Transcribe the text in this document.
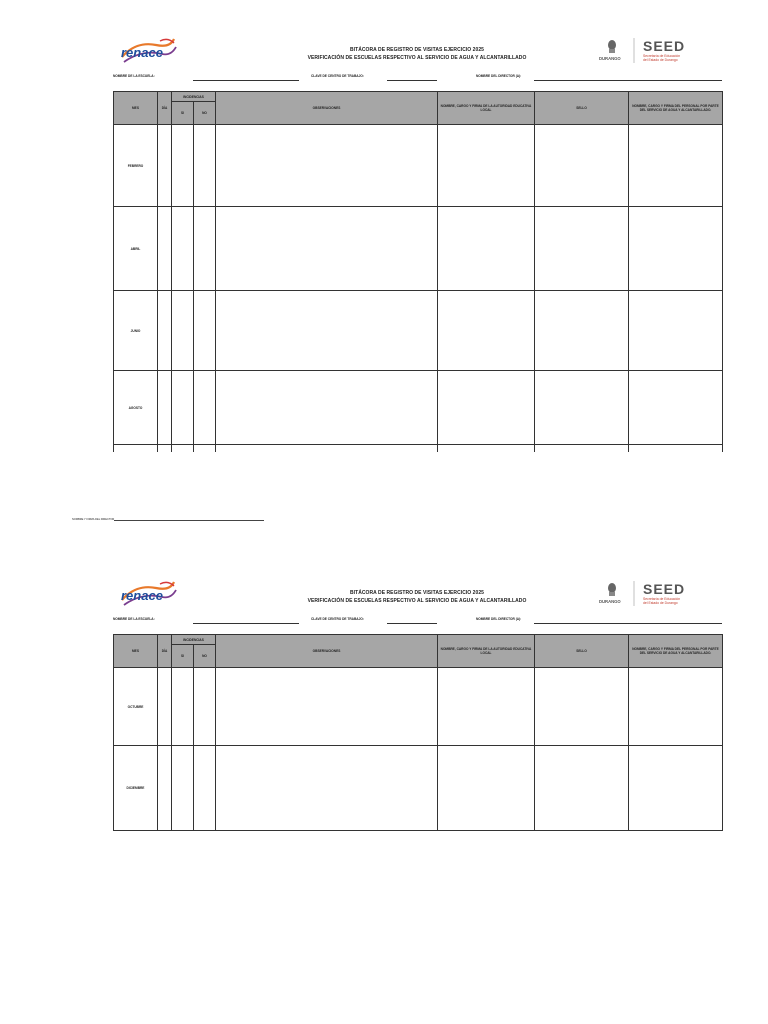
renace	BITÁCORA DE REGISTRO DE VISITAS EJERCICIO 2025
VERIFICACIÓN DE ESCUELAS RESPECTIVO AL SERVICIO DE AGUA Y ALCANTARILLADO	DURANGO
SEED
Secretaría de Educación
del Estado de Durango
NOMBRE DE LA ESCUELA:	CLAVE DE CENTRO DE TRABAJO:	NOMBRE DEL DIRECTOR (A):
MES	DÍA	INCIDENCIAS		OBSERVACIONES	NOMBRE, CARGO Y FIRMA DE LA AUTORIDAD EDUCATIVA LOCAL	SELLO	NOMBRE, CARGO Y FIRMA DEL PERSONAL POR PARTE DEL SERVICIO DE AGUA Y ALCANTARILLADO.
		SI	NO				
FEBRERO							
ABRIL							
JUNIO							
AGOSTO							

NOMBRE Y FIRMA DEL DIRECTOR
renace	BITÁCORA DE REGISTRO DE VISITAS EJERCICIO 2025
VERIFICACIÓN DE ESCUELAS RESPECTIVO AL SERVICIO DE AGUA Y ALCANTARILLADO	DURANGO
SEED
Secretaría de Educación
del Estado de Durango
NOMBRE DE LA ESCUELA:	CLAVE DE CENTRO DE TRABAJO:	NOMBRE DEL DIRECTOR (A):
MES	DÍA	INCIDENCIAS		OBSERVACIONES	NOMBRE, CARGO Y FIRMA DE LA AUTORIDAD EDUCATIVA LOCAL	SELLO	NOMBRE, CARGO Y FIRMA DEL PERSONAL POR PARTE DEL SERVICIO DE AGUA Y ALCANTARILLADO.
		SI	NO				
OCTUBRE							
DICIEMBRE							
